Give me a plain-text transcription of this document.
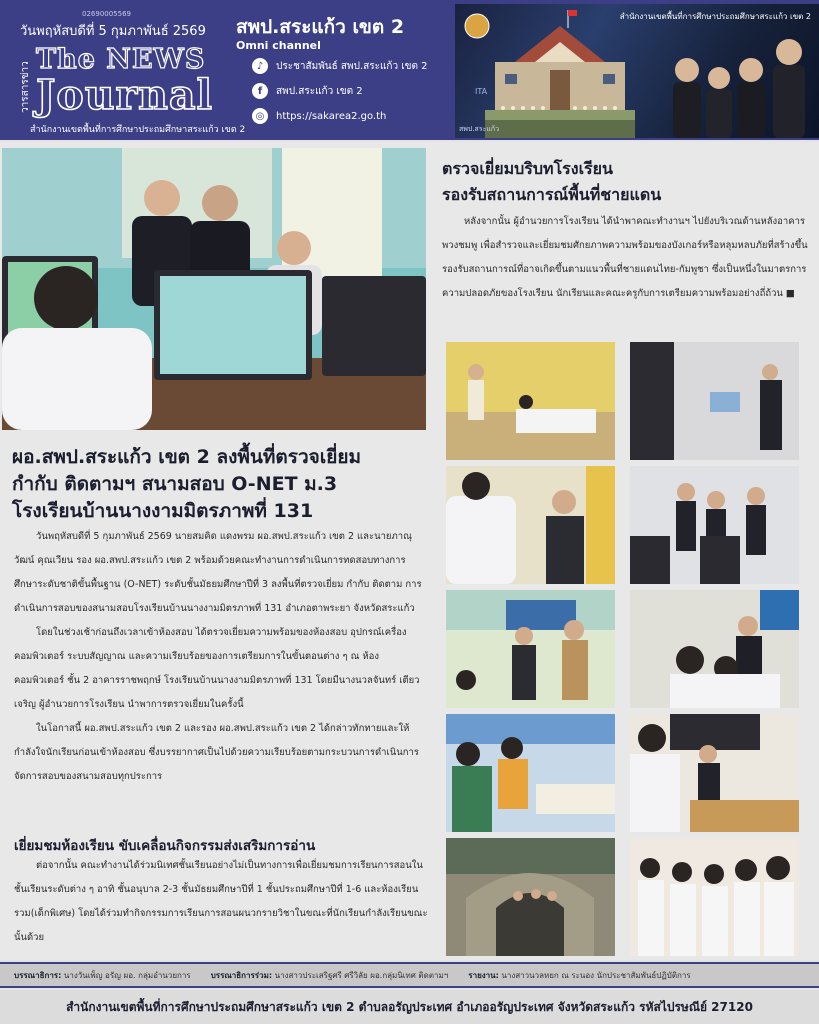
02690005569
วันพฤหัสบดีที่ 5 กุมภาพันธ์ 2569
วารสารข่าว
The NEWS
Journal
สำนักงานเขตพื้นที่การศึกษาประถมศึกษาสระแก้ว เขต 2
สพป.สระแก้ว เขต 2
Omni channel
♪	ประชาสัมพันธ์ สพป.สระแก้ว เขต 2
f	สพป.สระแก้ว เขต 2
◎	https://sakarea2.go.th
ITA
สำนักงานเขตพื้นที่การศึกษาประถมศึกษาสระแก้ว เขต 2
สพป.สระแก้ว
ผอ.สพป.สระแก้ว เขต 2 ลงพื้นที่ตรวจเยี่ยม
กำกับ ติดตามฯ สนามสอบ O-NET ม.3
โรงเรียนบ้านนางงามมิตรภาพที่ 131

วันพฤหัสบดีที่ 5 กุมภาพันธ์ 2569 นายสมคิด แดงพรม ผอ.สพป.สระแก้ว เขต 2 และนายภาณุวัฒน์ คุณเวียน รอง ผอ.สพป.สระแก้ว เขต 2 พร้อมด้วยคณะทำงานการดำเนินการทดสอบทางการศึกษาระดับชาติขั้นพื้นฐาน (O-NET) ระดับชั้นมัธยมศึกษาปีที่ 3 ลงพื้นที่ตรวจเยี่ยม กำกับ ติดตาม การดำเนินการสอบของสนามสอบโรงเรียนบ้านนางงามมิตรภาพที่ 131 อำเภอตาพระยา จังหวัดสระแก้ว

โดยในช่วงเช้าก่อนถึงเวลาเข้าห้องสอบ ได้ตรวจเยี่ยมความพร้อมของห้องสอบ อุปกรณ์เครื่องคอมพิวเตอร์ ระบบสัญญาณ และความเรียบร้อยของการเตรียมการในขั้นตอนต่าง ๆ ณ ห้องคอมพิวเตอร์ ชั้น 2 อาคารราชพฤกษ์ โรงเรียนบ้านนางงามมิตรภาพที่ 131 โดยมีนางนวลจันทร์ เตียวเจริญ ผู้อำนวยการโรงเรียน นำพาการตรวจเยี่ยมในครั้งนี้

ในโอกาสนี้ ผอ.สพป.สระแก้ว เขต 2 และรอง ผอ.สพป.สระแก้ว เขต 2 ได้กล่าวทักทายและให้กำลังใจนักเรียนก่อนเข้าห้องสอบ ซึ่งบรรยากาศเป็นไปด้วยความเรียบร้อยตามกระบวนการดำเนินการจัดการสอบของสนามสอบทุกประการ

เยี่ยมชมห้องเรียน ขับเคลื่อนกิจกรรมส่งเสริมการอ่าน

ต่อจากนั้น คณะทำงานได้ร่วมนิเทศชั้นเรียนอย่างไม่เป็นทางการเพื่อเยี่ยมชมการเรียนการสอนในชั้นเรียนระดับต่าง ๆ อาทิ ชั้นอนุบาล 2-3 ชั้นมัธยมศึกษาปีที่ 1 ชั้นประถมศึกษาปีที่ 1-6 และห้องเรียนรวม(เด็กพิเศษ) โดยได้ร่วมทำกิจกรรมการเรียนการสอนผนวกรายวิชาในขณะที่นักเรียนกำลังเรียนขณะนั้นด้วย

ตรวจเยี่ยมบริบทโรงเรียน
รองรับสถานการณ์พื้นที่ชายแดน

หลังจากนั้น ผู้อำนวยการโรงเรียน ได้นำพาคณะทำงานฯ ไปยังบริเวณด้านหลังอาคารพวงชมพู เพื่อสำรวจและเยี่ยมชมศักยภาพความพร้อมของบังเกอร์หรือหลุมหลบภัยที่สร้างขึ้นรองรับสถานการณ์ที่อาจเกิดขึ้นตามแนวพื้นที่ชายแดนไทย-กัมพูชา ซึ่งเป็นหนึ่งในมาตรการความปลอดภัยของโรงเรียน นักเรียนและคณะครูกับการเตรียมความพร้อมอย่างถี่ถ้วน ■

บรรณาธิการ: นางวันเพ็ญ อรัญ ผอ. กลุ่มอำนวยการ	บรรณาธิการร่วม: นางสาวประเสริฐศรี ศรีวิลัย ผอ.กลุ่มนิเทศ ติดตามฯ	รายงาน: นางสาวนวลหยก ณ ระนอง นักประชาสัมพันธ์ปฏิบัติการ
สำนักงานเขตพื้นที่การศึกษาประถมศึกษาสระแก้ว เขต 2 ตำบลอรัญประเทศ อำเภออรัญประเทศ จังหวัดสระแก้ว รหัสไปรษณีย์ 27120
